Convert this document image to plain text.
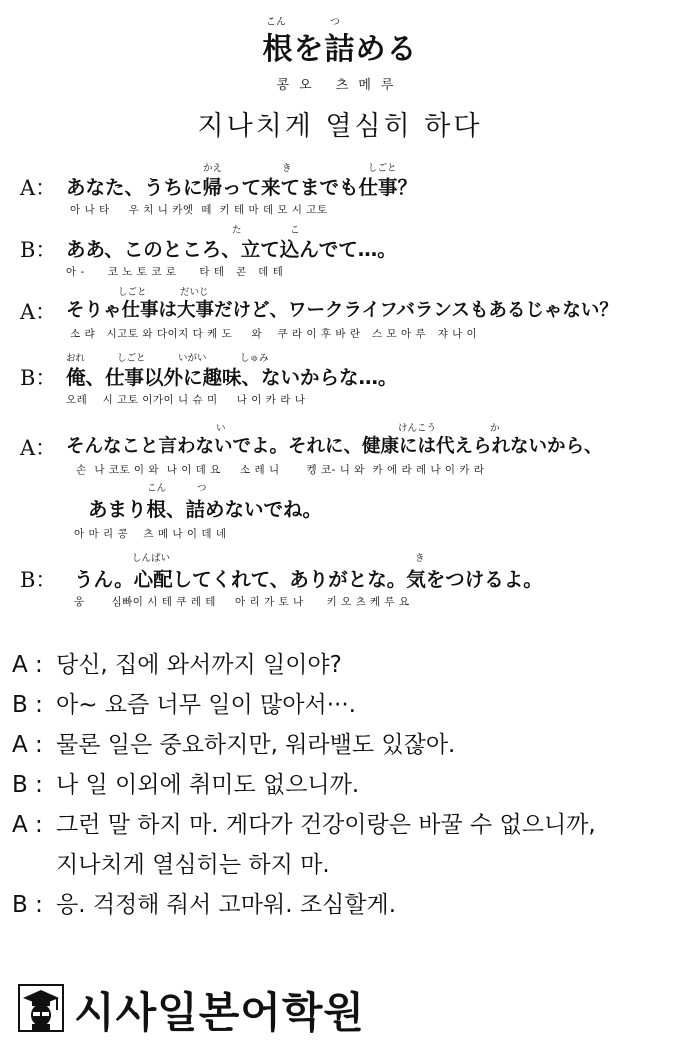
こん	つ
根を詰める
콩오 츠메루
지나치게 열심히 하다
かえ	き	しごと
A： あなた、うちに帰って来てまでも仕事？
아 나 타     우 치 니 카엣  떼  키 테 마 데 모 시 고토
た	こ
B： ああ、このところ、立て込んでて…。
아 -      코 노 토 코 로      타 테   콘   데 테
しごと	だいじ
A： そりゃ仕事は大事だけど、ワークライフバランスもあるじゃない？
소 랴   시고토 와 다이지 다 케 도     와    쿠 라 이 후 바 란   스 모 아 루   쟈 나 이
おれ	しごと	いがい	しゅみ
B： 俺、仕事以外に趣味、ないからな…。
오레    시 고토 이가이 니 슈 미     나 이 카 라 나
い	けんこう	か
A： そんなこと言わないでよ。それに、健康には代えられないから、
손  나 코토 이 와  나 이 데 요     소 레 니       켕 코- 니 와  카 에 라 레 나 이 카 라
こん	つ
あまり根、詰めないでね。
아 마 리 콩    츠 메 나 이 데 네
しんぱい	き
B： うん。心配してくれて、ありがとな。気をつけるよ。
웅       심빠이 시 테 쿠 레 테     아 리 가 토 나      키 오 츠 케 루 요
A : 당신, 집에 와서까지 일이야?
B : 아~ 요즘 너무 일이 많아서···.
A : 물론 일은 중요하지만, 워라밸도 있잖아.
B : 나 일 이외에 취미도 없으니까.
A : 그런 말 하지 마. 게다가 건강이랑은 바꿀 수 없으니까,
지나치게 열심히는 하지 마.
B : 응. 걱정해 줘서 고마워. 조심할게.
시사일본어학원
